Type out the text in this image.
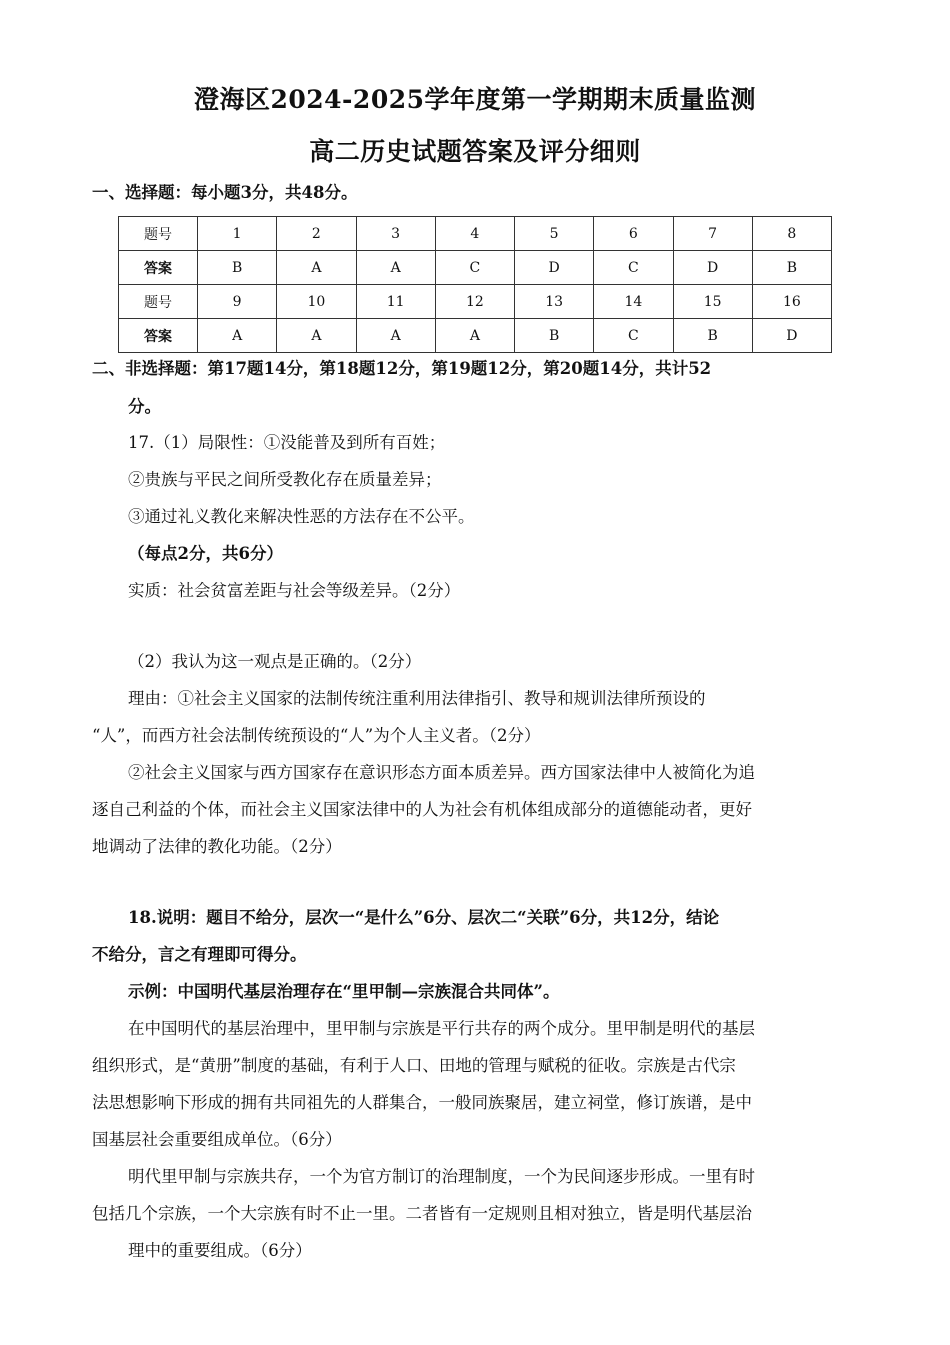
澄海区2024-2025学年度第一学期期末质量监测
高二历史试题答案及评分细则

一、选择题：每小题3分，共48分。

题号	1	2	3	4	5	6	7	8
答案	B	A	A	C	D	C	D	B
题号	9	10	11	12	13	14	15	16
答案	A	A	A	A	B	C	B	D

二、非选择题：第17题14分，第18题12分，第19题12分，第20题14分，共计52

分。

17.（1）局限性：①没能普及到所有百姓；

②贵族与平民之间所受教化存在质量差异；

③通过礼义教化来解决性恶的方法存在不公平。

（每点2分，共6分）

实质：社会贫富差距与社会等级差异。（2分）

（2）我认为这一观点是正确的。（2分）

理由：①社会主义国家的法制传统注重利用法律指引、教导和规训法律所预设的

“人”，而西方社会法制传统预设的“人”为个人主义者。（2分）

②社会主义国家与西方国家存在意识形态方面本质差异。西方国家法律中人被简化为追

逐自己利益的个体，而社会主义国家法律中的人为社会有机体组成部分的道德能动者，更好

地调动了法律的教化功能。（2分）

18.说明：题目不给分，层次一“是什么”6分、层次二“关联”6分，共12分，结论

不给分，言之有理即可得分。

示例：中国明代基层治理存在“里甲制—宗族混合共同体”。

在中国明代的基层治理中，里甲制与宗族是平行共存的两个成分。里甲制是明代的基层

组织形式，是“黄册”制度的基础，有利于人口、田地的管理与赋税的征收。宗族是古代宗

法思想影响下形成的拥有共同祖先的人群集合，一般同族聚居，建立祠堂，修订族谱，是中

国基层社会重要组成单位。（6分）

明代里甲制与宗族共存，一个为官方制订的治理制度，一个为民间逐步形成。一里有时

包括几个宗族，一个大宗族有时不止一里。二者皆有一定规则且相对独立，皆是明代基层治

理中的重要组成。（6分）
